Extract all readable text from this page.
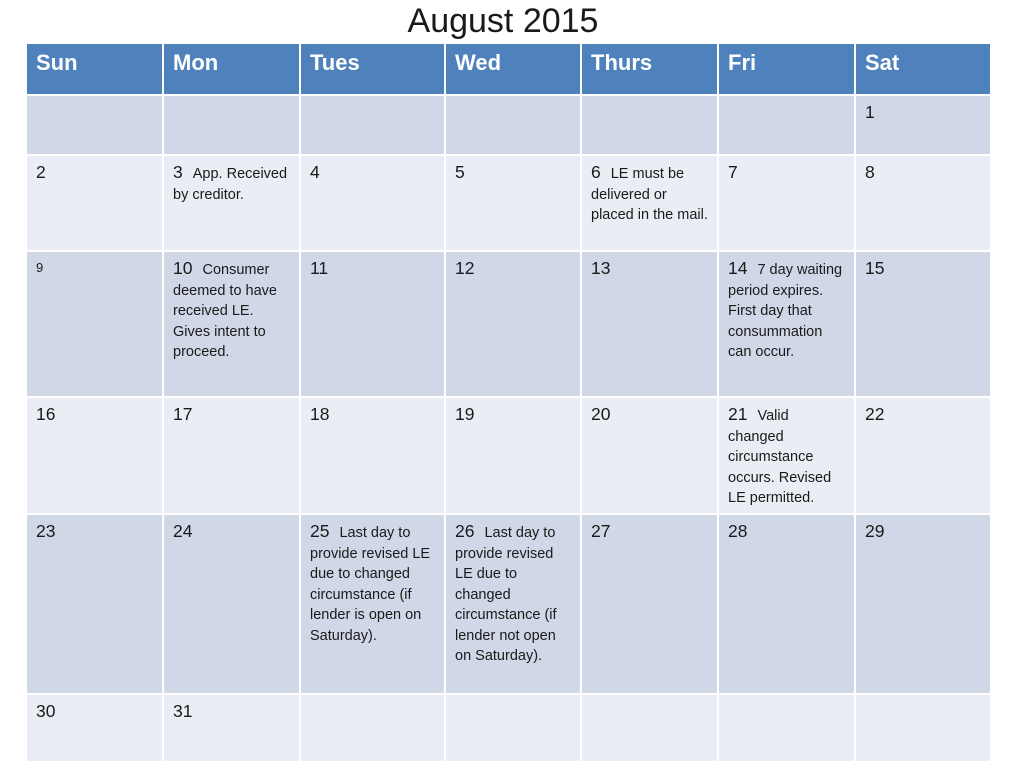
August 2015
Sun	Mon	Tues	Wed	Thurs	Fri	Sat
						1
2	3 App. Received by creditor.	4	5	6 LE must be delivered or placed in the mail.	7	8
9	10 Consumer deemed to have received LE. Gives intent to proceed.	11	12	13	14 7 day waiting period expires. First day that consummation can occur.	15
16	17	18	19	20	21 Valid changed circumstance occurs. Revised LE permitted.	22
23	24	25 Last day to provide revised LE due to changed circumstance (if lender is open on Saturday).	26 Last day to provide revised LE due to changed circumstance (if lender not open on Saturday).	27	28	29
30	31					
